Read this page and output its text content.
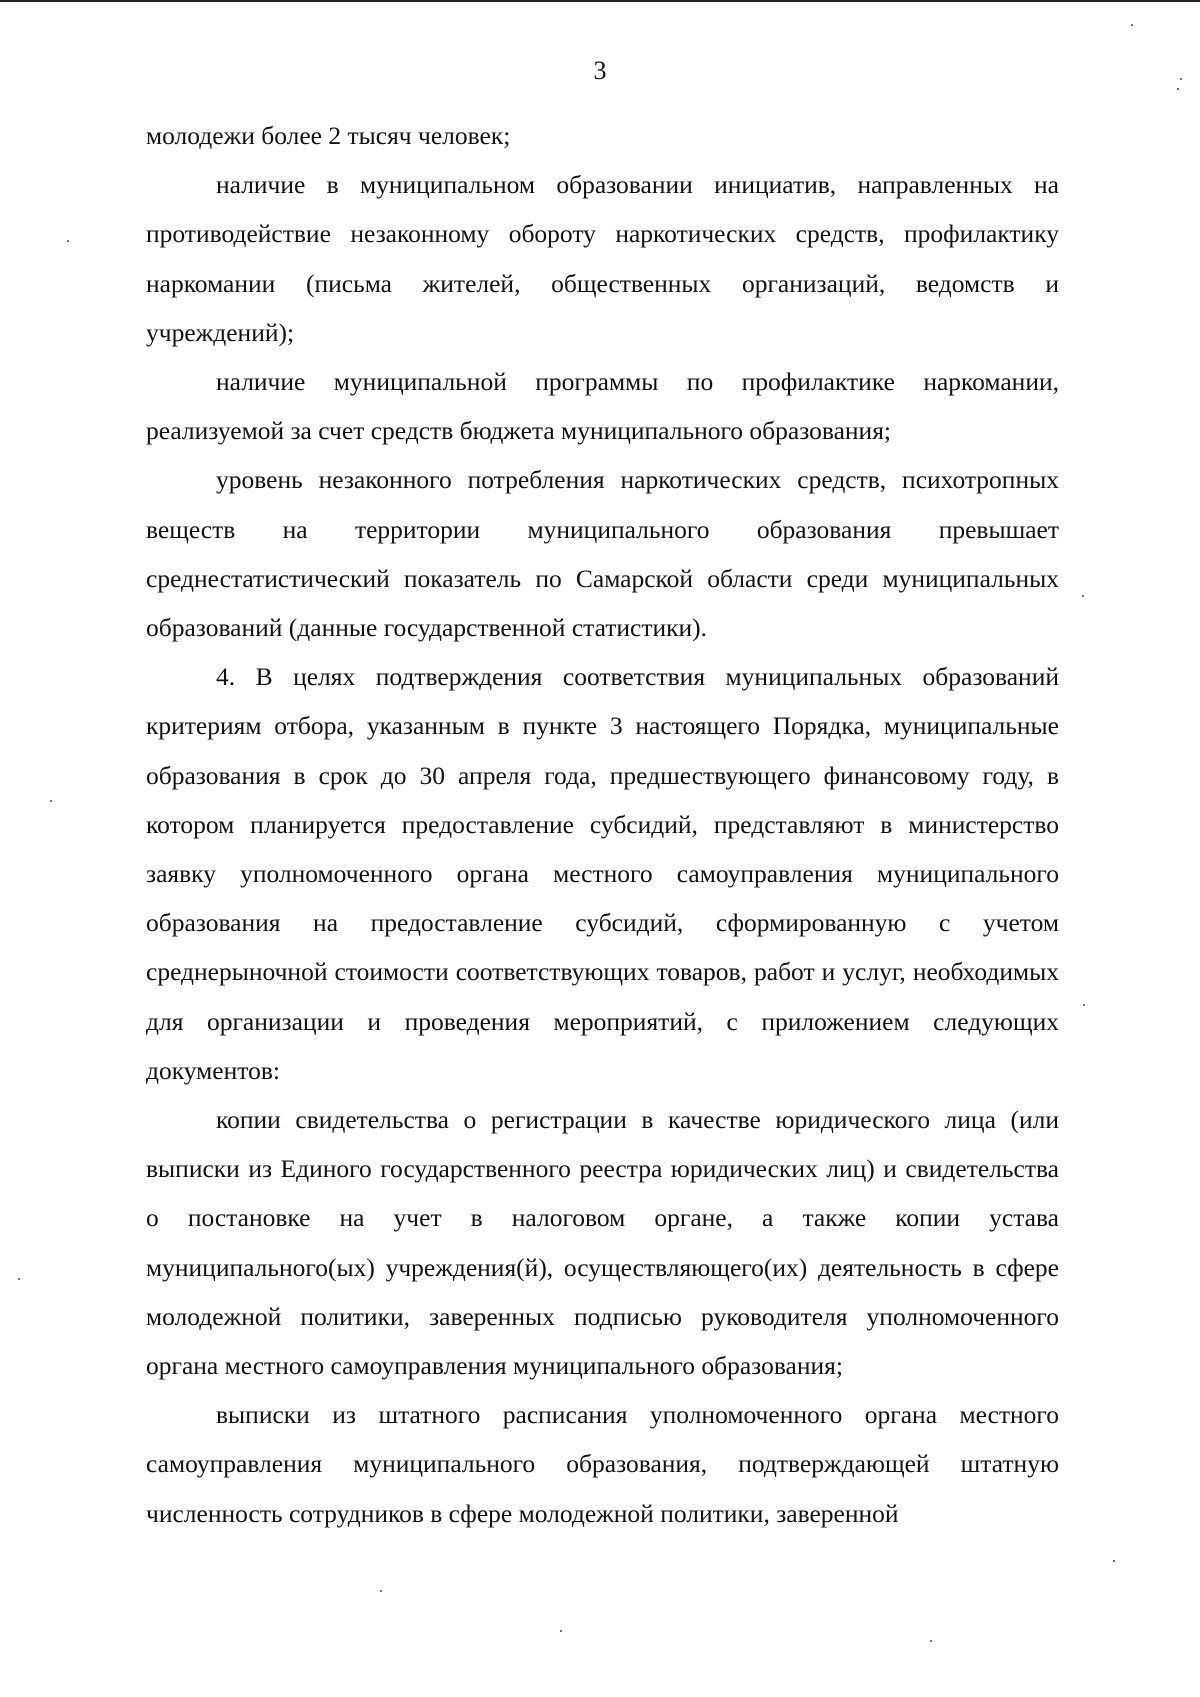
3

молодежи более 2 тысяч человек;

наличие в муниципальном образовании инициатив, направленных на противодействие незаконному обороту наркотических средств, профилактику наркомании (письма жителей, общественных организаций, ведомств и учреждений);

наличие муниципальной программы по профилактике наркомании, реализуемой за счет средств бюджета муниципального образования;

уровень незаконного потребления наркотических средств, психотропных веществ на территории муниципального образования превышает среднестатистический показатель по Самарской области среди муниципальных образований (данные государственной статистики).

4. В целях подтверждения соответствия муниципальных образований критериям отбора, указанным в пункте 3 настоящего Порядка, муниципальные образования в срок до 30 апреля года, предшествующего финансовому году, в котором планируется предоставление субсидий, представляют в министерство заявку уполномоченного органа местного самоуправления муниципального образования на предоставление субсидий, сформированную с учетом среднерыночной стоимости соответствующих товаров, работ и услуг, необходимых для организации и проведения мероприятий, с приложением следующих документов:

копии свидетельства о регистрации в качестве юридического лица (или выписки из Единого государственного реестра юридических лиц) и свидетельства о постановке на учет в налоговом органе, а также копии устава муниципального(ых) учреждения(й), осуществляющего(их) деятельность в сфере молодежной политики, заверенных подписью руководителя уполномоченного органа местного самоуправления муниципального образования;

выписки из штатного расписания уполномоченного органа местного самоуправления муниципального образования, подтверждающей штатную численность сотрудников в сфере молодежной политики, заверенной
